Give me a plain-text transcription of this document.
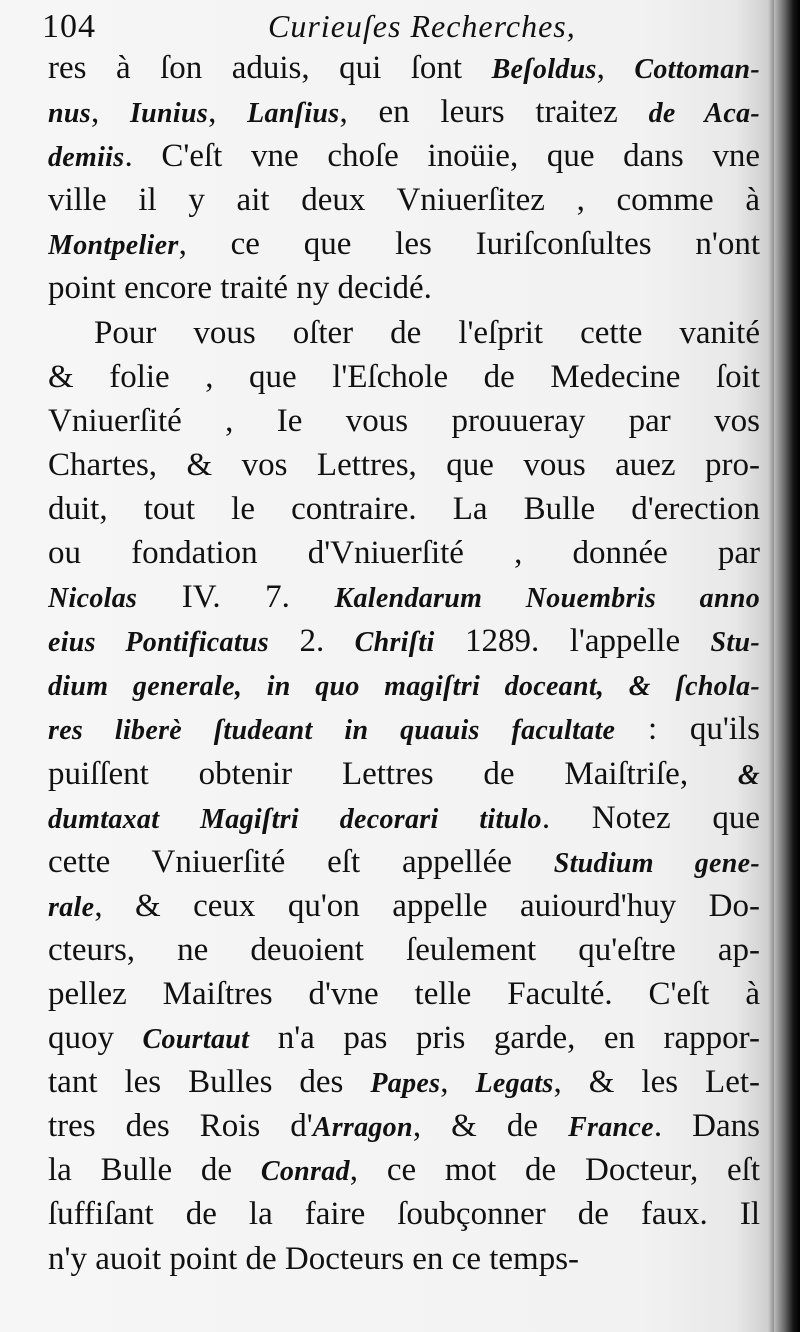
104	Curieuſes Recherches,
res à ſon aduis, qui ſont Beſoldus, Cottoman-
nus, Iunius, Lanſius, en leurs traitez de Aca-
demiis. C'eſt vne choſe inoüie, que dans vne
ville il y ait deux Vniuerſitez , comme à
Montpelier, ce que les Iuriſconſultes n'ont
point encore traité ny decidé.
Pour vous oſter de l'eſprit cette vanité
& folie , que l'Eſchole de Medecine ſoit
Vniuerſité , Ie vous prouueray par vos
Chartes, & vos Lettres, que vous auez pro-
duit, tout le contraire. La Bulle d'erection
ou fondation d'Vniuerſité , donnée par
Nicolas IV. 7. Kalendarum Nouembris anno
eius Pontificatus 2. Chriſti 1289. l'appelle Stu-
dium generale, in quo magiſtri doceant, & ſchola-
res liberè ſtudeant in quauis facultate : qu'ils
puiſſent obtenir Lettres de Maiſtriſe, &
dumtaxat Magiſtri decorari titulo. Notez que
cette Vniuerſité eſt appellée Studium gene-
rale, & ceux qu'on appelle auiourd'huy Do-
cteurs, ne deuoient ſeulement qu'eſtre ap-
pellez Maiſtres d'vne telle Faculté. C'eſt à
quoy Courtaut n'a pas pris garde, en rappor-
tant les Bulles des Papes, Legats, & les Let-
tres des Rois d'Arragon, & de France. Dans
la Bulle de Conrad, ce mot de Docteur, eſt
ſuffiſant de la faire ſoubçonner de faux. Il
n'y auoit point de Docteurs en ce temps-
